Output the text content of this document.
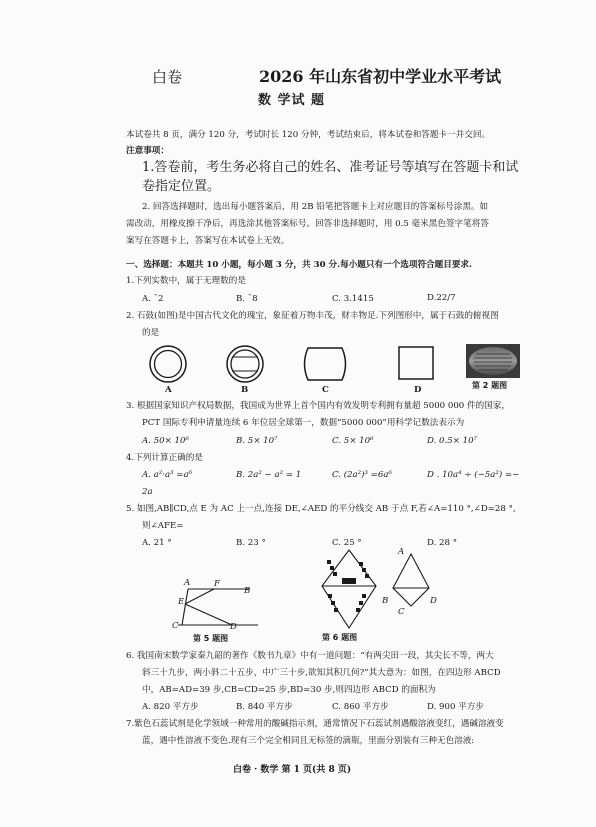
白卷	2026 年山东省初中学业水平考试
数 学试 题
本试卷共 8 页，满分 120 分，考试时长 120 分钟，考试结束后，将本试卷和答题卡一并交回。
注意事项：
1.答卷前，考生务必将自己的姓名、准考证号等填写在答题卡和试卷指定位置。
2. 回答选择题时，选出每小题答案后，用 2B 铅笔把答题卡上对应题目的答案标号涂黑。如
需改动，用橡皮擦干净后，再选涂其他答案标号。回答非选择题时，用 0.5 毫米黑色签字笔将答
案写在答题卡上，答案写在本试卷上无效。
一、选择题：本题共 10 小题，每小题 3 分，共 30 分.每小题只有一个选项符合题目要求.
1.下列实数中，属于无理数的是
A. ˉ2	B. ˉ8	C. 3.1415	D.22/7
2. 石鼓(如图)是中国古代文化的瑰宝，象征着万物丰茂，财丰物足.下列图形中，属于石鼓的俯视图
的是
A	B	C	D	第 2 题图
3. 根据国家知识产权局数据，我国成为世界上首个国内有效发明专利拥有量超 5000 000 件的国家，
PCT 国际专利申请量连续 6 年位居全球第一，数据“5000 000”用科学记数法表示为
A. 50× 10⁶	B. 5× 10⁷	C. 5× 10⁶	D. 0.5× 10⁷
4.下列计算正确的是
A. a²·a³ =a⁶	B. 2a² − a² = 1	C. (2a²)³ =6a⁶	D . 10a⁴ ÷ (−5a²) =−
2a
5. 如图,AB∥CD,点 E 为 AC 上一点,连接 DE,∠AED 的平分线交 AB 于点 F,若∠A=110 °,∠D=28 °,
则∠AFE=
A. 21 °	B. 23 °	C. 25 °	D. 28 °
A	F
B
E
C	D
第 5 题图
A
B	D
C
第 6 题图
6. 我国南宋数学家秦九韶的著作《数书九章》中有一道问题：“有两尖田一段，其尖长不等，两大
斜三十九步，两小斜二十五步，中广三十步,欲知其积几何?”其大意为：如图，在四边形 ABCD
中，AB=AD=39 步,CB=CD=25 步,BD=30 步,则四边形 ABCD 的面积为
A. 820 平方步	B. 840 平方步	C. 860 平方步	D. 900 平方步
7.紫色石蕊试剂是化学领域一种常用的酸碱指示剂，通常情况下石蕊试剂遇酸溶液变红，遇碱溶液变
蓝，遇中性溶液不变色.现有三个完全相同且无标签的滴瓶，里面分别装有三种无色溶液:
白卷 · 数学 第 1 页(共 8 页)
